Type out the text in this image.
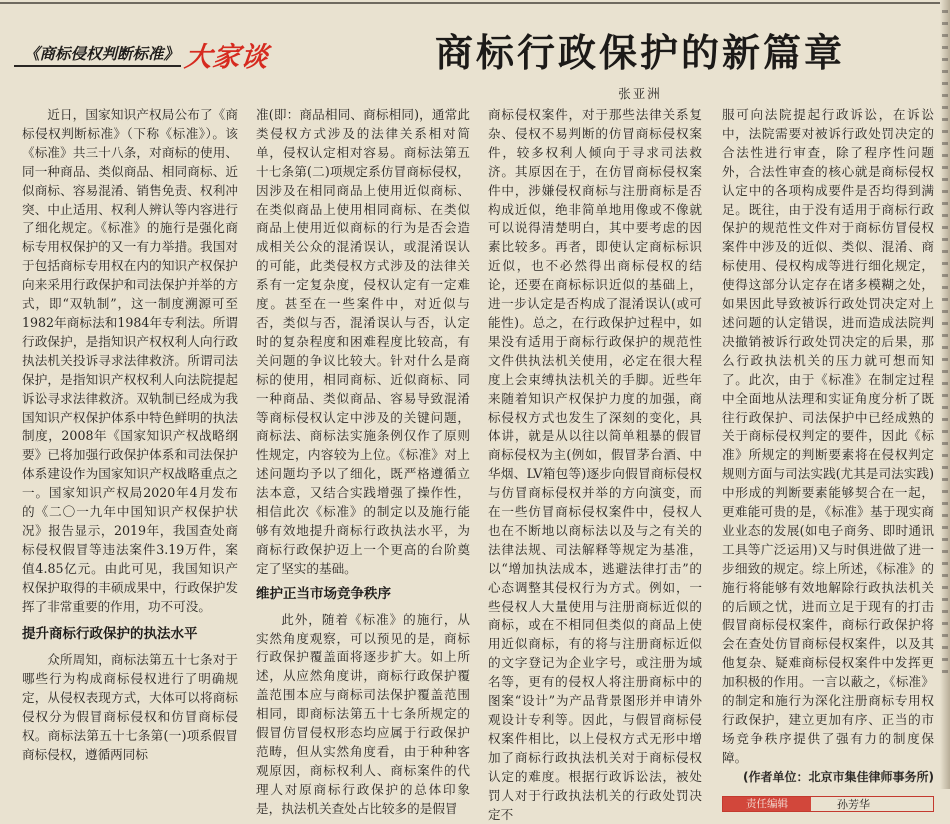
《商标侵权判断标准》 大家谈	商标行政保护的新篇章
张亚洲

近日，国家知识产权局公布了《商标侵权判断标准》（下称《标准》）。该《标准》共三十八条，对商标的使用、同一种商品、类似商品、相同商标、近似商标、容易混淆、销售免责、权利冲突、中止适用、权利人辨认等内容进行了细化规定。《标准》的施行是强化商标专用权保护的又一有力举措。我国对于包括商标专用权在内的知识产权保护向来采用行政保护和司法保护并举的方式，即“双轨制”，这一制度溯源可至1982年商标法和1984年专利法。所谓行政保护，是指知识产权权利人向行政执法机关投诉寻求法律救济。所谓司法保护，是指知识产权权利人向法院提起诉讼寻求法律救济。双轨制已经成为我国知识产权保护体系中特色鲜明的执法制度，2008年《国家知识产权战略纲要》已将加强行政保护体系和司法保护体系建设作为国家知识产权战略重点之一。国家知识产权局2020年4月发布的《二〇一九年中国知识产权保护状况》报告显示，2019年，我国查处商标侵权假冒等违法案件3.19万件，案值4.85亿元。由此可见，我国知识产权保护取得的丰硕成果中，行政保护发挥了非常重要的作用，功不可没。

提升商标行政保护的执法水平

众所周知，商标法第五十七条对于哪些行为构成商标侵权进行了明确规定，从侵权表现方式，大体可以将商标侵权分为假冒商标侵权和仿冒商标侵权。商标法第五十七条第(一)项系假冒商标侵权，遵循两同标

准(即：商品相同、商标相同)，通常此类侵权方式涉及的法律关系相对简单，侵权认定相对容易。商标法第五十七条第(二)项规定系仿冒商标侵权，因涉及在相同商品上使用近似商标、在类似商品上使用相同商标、在类似商品上使用近似商标的行为是否会造成相关公众的混淆误认，或混淆误认的可能，此类侵权方式涉及的法律关系有一定复杂度，侵权认定有一定难度。甚至在一些案件中，对近似与否，类似与否，混淆误认与否，认定时的复杂程度和困难程度比较高，有关问题的争议比较大。针对什么是商标的使用，相同商标、近似商标、同一种商品、类似商品、容易导致混淆等商标侵权认定中涉及的关键问题，商标法、商标法实施条例仅作了原则性规定，内容较为上位。《标准》对上述问题均予以了细化，既严格遵循立法本意，又结合实践增强了操作性，相信此次《标准》的制定以及施行能够有效地提升商标行政执法水平，为商标行政保护迈上一个更高的台阶奠定了坚实的基础。

维护正当市场竞争秩序

此外，随着《标准》的施行，从实然角度观察，可以预见的是，商标行政保护覆盖面将逐步扩大。如上所述，从应然角度讲，商标行政保护覆盖范围本应与商标司法保护覆盖范围相同，即商标法第五十七条所规定的假冒仿冒侵权形态均应属于行政保护范畴，但从实然角度看，由于种种客观原因，商标权利人、商标案件的代理人对原商标行政保护的总体印象是，执法机关查处占比较多的是假冒

商标侵权案件，对于那些法律关系复杂、侵权不易判断的仿冒商标侵权案件，较多权利人倾向于寻求司法救济。其原因在于，在仿冒商标侵权案件中，涉嫌侵权商标与注册商标是否构成近似，绝非简单地用像或不像就可以说得清楚明白，其中要考虑的因素比较多。再者，即使认定商标标识近似，也不必然得出商标侵权的结论，还要在商标标识近似的基础上，进一步认定是否构成了混淆误认(或可能性)。总之，在行政保护过程中，如果没有适用于商标行政保护的规范性文件供执法机关使用，必定在很大程度上会束缚执法机关的手脚。近些年来随着知识产权保护力度的加强，商标侵权方式也发生了深刻的变化，具体讲，就是从以往以简单粗暴的假冒商标侵权为主(例如，假冒茅台酒、中华烟、LV箱包等)逐步向假冒商标侵权与仿冒商标侵权并举的方向演变，而在一些仿冒商标侵权案件中，侵权人也在不断地以商标法以及与之有关的法律法规、司法解释等规定为基准，以“增加执法成本，逃避法律打击”的心态调整其侵权行为方式。例如，一些侵权人大量使用与注册商标近似的商标，或在不相同但类似的商品上使用近似商标，有的将与注册商标近似的文字登记为企业字号，或注册为域名等，更有的侵权人将注册商标中的图案“设计”为产品背景图形并申请外观设计专利等。因此，与假冒商标侵权案件相比，以上侵权方式无形中增加了商标行政执法机关对于商标侵权认定的难度。根据行政诉讼法，被处罚人对于行政执法机关的行政处罚决定不

服可向法院提起行政诉讼，在诉讼中，法院需要对被诉行政处罚决定的合法性进行审查，除了程序性问题外，合法性审查的核心就是商标侵权认定中的各项构成要件是否均得到满足。既往，由于没有适用于商标行政保护的规范性文件对于商标仿冒侵权案件中涉及的近似、类似、混淆、商标使用、侵权构成等进行细化规定，使得这部分认定存在诸多模糊之处，如果因此导致被诉行政处罚决定对上述问题的认定错误，进而造成法院判决撤销被诉行政处罚决定的后果，那么行政执法机关的压力就可想而知了。此次，由于《标准》在制定过程中全面地从法理和实证角度分析了既往行政保护、司法保护中已经成熟的关于商标侵权判定的要件，因此《标准》所规定的判断要素将在侵权判定规则方面与司法实践(尤其是司法实践)中形成的判断要素能够契合在一起，更难能可贵的是，《标准》基于现实商业业态的发展(如电子商务、即时通讯工具等广泛运用)又与时俱进做了进一步细致的规定。综上所述，《标准》的施行将能够有效地解除行政执法机关的后顾之忧，进而立足于现有的打击假冒商标侵权案件，商标行政保护将会在查处仿冒商标侵权案件，以及其他复杂、疑难商标侵权案件中发挥更加积极的作用。一言以蔽之，《标准》的制定和施行为深化注册商标专用权行政保护，建立更加有序、正当的市场竞争秩序提供了强有力的制度保障。

(作者单位：北京市集佳律师事务所)
责任编辑	孙芳华
